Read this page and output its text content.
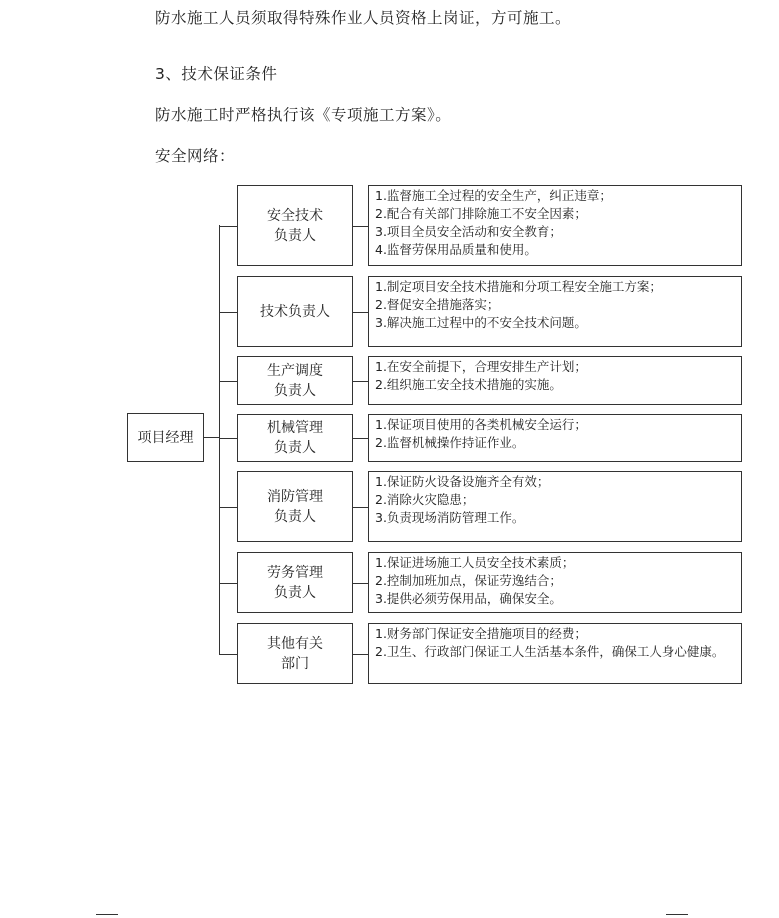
防水施工人员须取得特殊作业人员资格上岗证，方可施工。
3、技术保证条件
防水施工时严格执行该《专项施工方案》。
安全网络：
项目经理
安全技术
负责人
1.监督施工全过程的安全生产，纠正违章；
2.配合有关部门排除施工不安全因素；
3.项目全员安全活动和安全教育；
4.监督劳保用品质量和使用。
技术负责人
1.制定项目安全技术措施和分项工程安全施工方案；
2.督促安全措施落实；
3.解决施工过程中的不安全技术问题。
生产调度
负责人
1.在安全前提下，合理安排生产计划；
2.组织施工安全技术措施的实施。
机械管理
负责人
1.保证项目使用的各类机械安全运行；
2.监督机械操作持证作业。
消防管理
负责人
1.保证防火设备设施齐全有效；
2.消除火灾隐患；
3.负责现场消防管理工作。
劳务管理
负责人
1.保证进场施工人员安全技术素质；
2.控制加班加点，保证劳逸结合；
3.提供必须劳保用品，确保安全。
其他有关
部门
1.财务部门保证安全措施项目的经费；
2.卫生、行政部门保证工人生活基本条件，确保工人身心健康。
